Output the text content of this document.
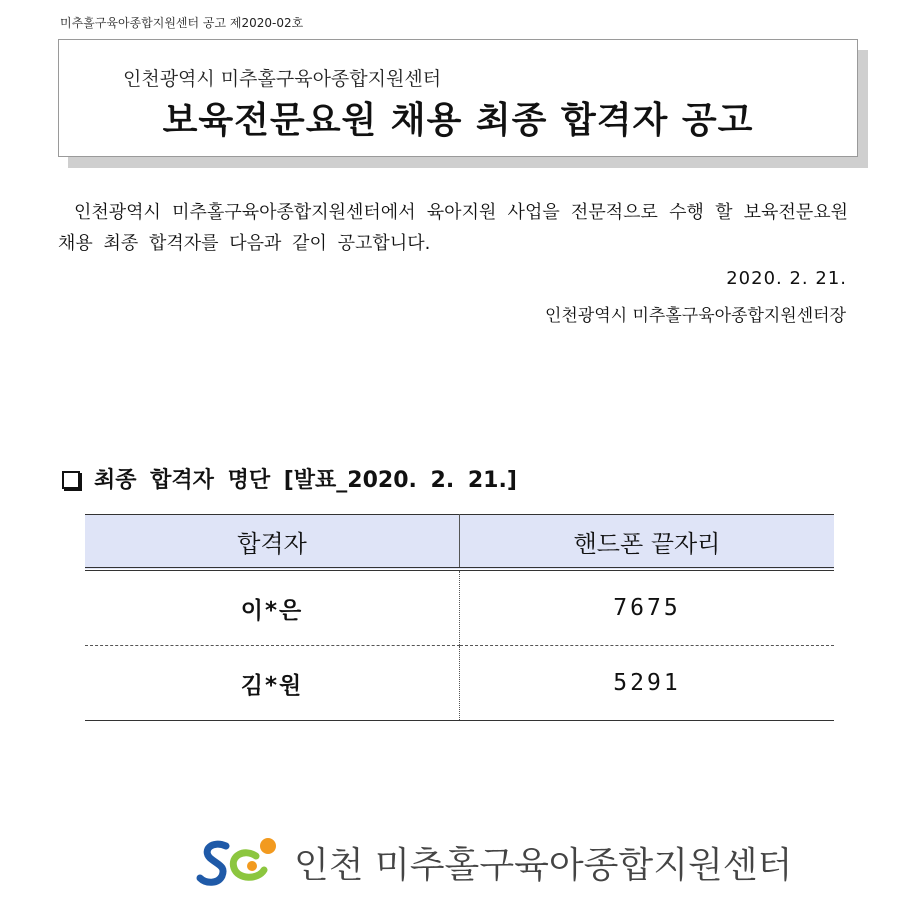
미추홀구육아종합지원센터 공고 제2020-02호
인천광역시 미추홀구육아종합지원센터
보육전문요원 채용 최종 합격자 공고
인천광역시 미추홀구육아종합지원센터에서 육아지원 사업을 전문적으로 수행 할 보육전문요원 채용 최종 합격자를 다음과 같이 공고합니다.
2020. 2. 21.
인천광역시 미추홀구육아종합지원센터장
최종 합격자 명단 [발표_2020. 2. 21.]
합격자	핸드폰 끝자리
이*은	7675
김*원	5291
인천 미추홀구육아종합지원센터
